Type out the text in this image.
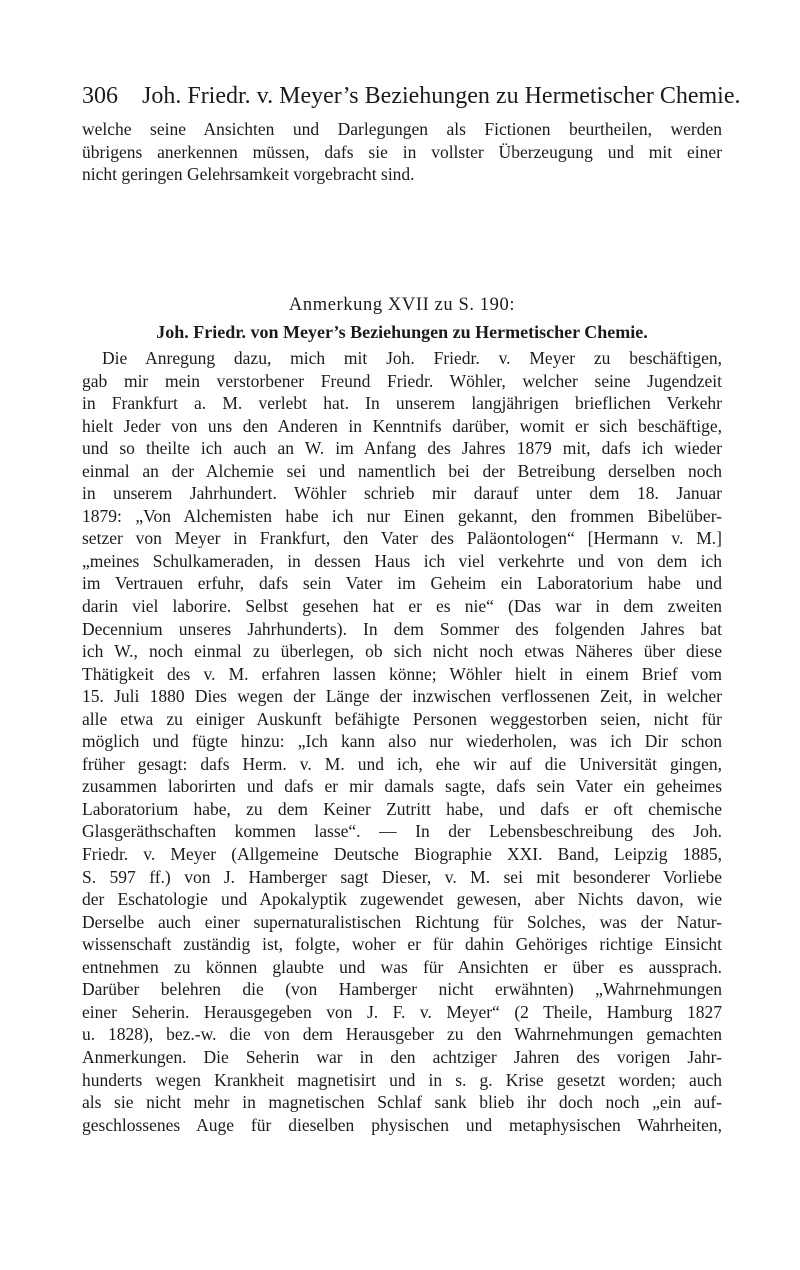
306 Joh. Friedr. v. Meyer’s Beziehungen zu Hermetischer Chemie.
welche seine Ansichten und Darlegungen als Fictionen beurtheilen, werden
übrigens anerkennen müssen, dafs sie in vollster Überzeugung und mit einer
nicht geringen Gelehrsamkeit vorgebracht sind.
Anmerkung XVII zu S. 190:
Joh. Friedr. von Meyer’s Beziehungen zu Hermetischer Chemie.
Die Anregung dazu, mich mit Joh. Friedr. v. Meyer zu beschäftigen,
gab mir mein verstorbener Freund Friedr. Wöhler, welcher seine Jugendzeit
in Frankfurt a. M. verlebt hat. In unserem langjährigen brieflichen Verkehr
hielt Jeder von uns den Anderen in Kenntnifs darüber, womit er sich beschäftige,
und so theilte ich auch an W. im Anfang des Jahres 1879 mit, dafs ich wieder
einmal an der Alchemie sei und namentlich bei der Betreibung derselben noch
in unserem Jahrhundert. Wöhler schrieb mir darauf unter dem 18. Januar
1879: „Von Alchemisten habe ich nur Einen gekannt, den frommen Bibelüber-
setzer von Meyer in Frankfurt, den Vater des Paläontologen“ [Hermann v. M.]
„meines Schulkameraden, in dessen Haus ich viel verkehrte und von dem ich
im Vertrauen erfuhr, dafs sein Vater im Geheim ein Laboratorium habe und
darin viel laborire. Selbst gesehen hat er es nie“ (Das war in dem zweiten
Decennium unseres Jahrhunderts). In dem Sommer des folgenden Jahres bat
ich W., noch einmal zu überlegen, ob sich nicht noch etwas Näheres über diese
Thätigkeit des v. M. erfahren lassen könne; Wöhler hielt in einem Brief vom
15. Juli 1880 Dies wegen der Länge der inzwischen verflossenen Zeit, in welcher
alle etwa zu einiger Auskunft befähigte Personen weggestorben seien, nicht für
möglich und fügte hinzu: „Ich kann also nur wiederholen, was ich Dir schon
früher gesagt: dafs Herm. v. M. und ich, ehe wir auf die Universität gingen,
zusammen laborirten und dafs er mir damals sagte, dafs sein Vater ein geheimes
Laboratorium habe, zu dem Keiner Zutritt habe, und dafs er oft chemische
Glasgeräthschaften kommen lasse“. — In der Lebensbeschreibung des Joh.
Friedr. v. Meyer (Allgemeine Deutsche Biographie XXI. Band, Leipzig 1885,
S. 597 ff.) von J. Hamberger sagt Dieser, v. M. sei mit besonderer Vorliebe
der Eschatologie und Apokalyptik zugewendet gewesen, aber Nichts davon, wie
Derselbe auch einer supernaturalistischen Richtung für Solches, was der Natur-
wissenschaft zuständig ist, folgte, woher er für dahin Gehöriges richtige Einsicht
entnehmen zu können glaubte und was für Ansichten er über es aussprach.
Darüber belehren die (von Hamberger nicht erwähnten) „Wahrnehmungen
einer Seherin. Herausgegeben von J. F. v. Meyer“ (2 Theile, Hamburg 1827
u. 1828), bez.-w. die von dem Herausgeber zu den Wahrnehmungen gemachten
Anmerkungen. Die Seherin war in den achtziger Jahren des vorigen Jahr-
hunderts wegen Krankheit magnetisirt und in s. g. Krise gesetzt worden; auch
als sie nicht mehr in magnetischen Schlaf sank blieb ihr doch noch „ein auf-
geschlossenes Auge für dieselben physischen und metaphysischen Wahrheiten,
